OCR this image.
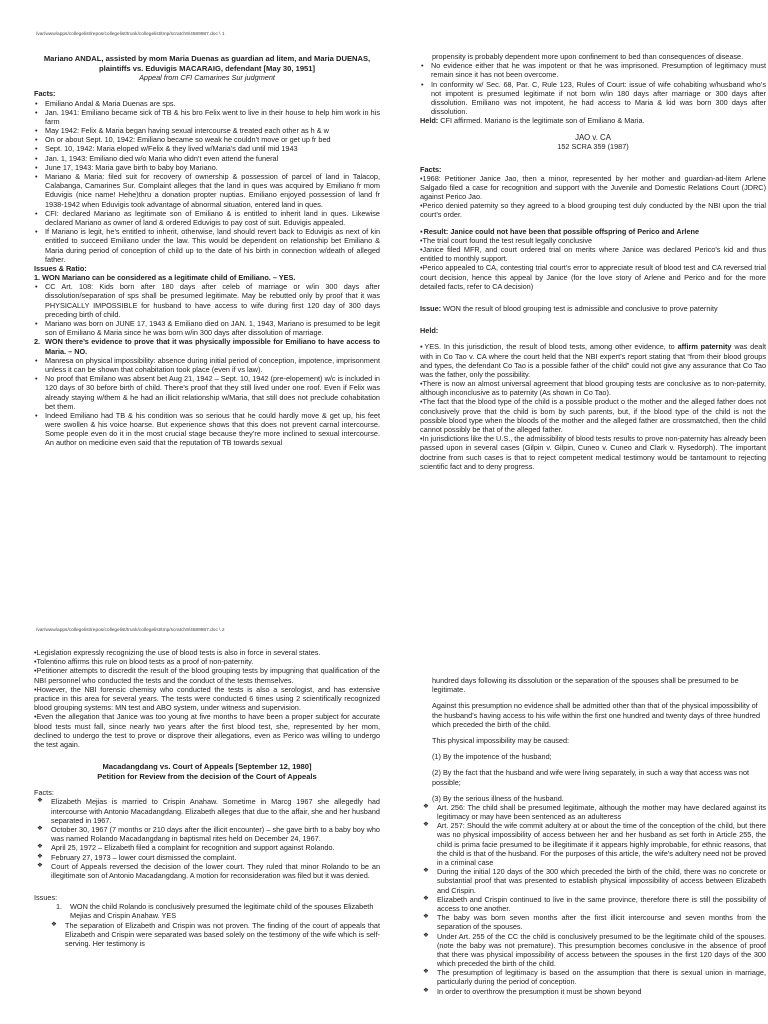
/var/www/apps/collegelist/repos/collegelist/trunk/collegelist/tmp/scratch9/4589987.doc \ 1
Mariano ANDAL, assisted by mom Maria Duenas as guardian ad litem, and Maria DUENAS, plaintiffs vs. Eduvigis MACARAIG, defendant [May 30, 1951]
Appeal from CFI Camarines Sur judgment
Facts:
• Emiliano Andal & Maria Duenas are sps.
• Jan. 1941: Emiliano became sick of TB & his bro Felix went to live in their house to help him work in his farm
• May 1942: Felix & Maria began having sexual intercourse & treated each other as h & w
• On or about Sept. 10, 1942: Emiliano became so weak he couldn’t move or get up fr bed
• Sept. 10, 1942: Maria eloped w/Felix & they lived w/Maria’s dad until mid 1943
• Jan. 1, 1943: Emiliano died w/o Maria who didn’t even attend the funeral
• June 17, 1943: Maria gave birth to baby boy Mariano.
• Mariano & Maria: filed suit for recovery of ownership & possession of parcel of land in Talacop, Calabanga, Camarines Sur. Complaint alleges that the land in ques was acquired by Emiliano fr mom Eduvigis (nice name! Hehe)thru a donation propter nuptias. Emiliano enjoyed possession of land fr 1938-1942 when Eduvigis took advantage of abnormal situation, entered land in ques.
• CFI: declared Mariano as legitimate son of Emiliano & is entitled to inherit land in ques. Likewise declared Mariano as owner of land & ordered Eduvigis to pay cost of suit. Eduvigis appealed.
• If Mariano is legit, he’s entitled to inherit, otherwise, land should revert back to Eduvigis as next of kin entitled to succeed Emiliano under the law. This would be dependent on relationship bet Emiliano & Maria during period of conception of child up to the date of his birth in connection w/death of alleged father.
Issues & Ratio:
1. WON Mariano can be considered as a legitimate child of Emiliano. – YES.
• CC Art. 108: Kids born after 180 days after celeb of marriage or w/in 300 days after dissolution/separation of sps shall be presumed legitimate. May be rebutted only by proof that it was PHYSICALLY IMPOSSIBLE for husband to have access to wife during first 120 day of 300 days preceding birth of child.
• Mariano was born on JUNE 17, 1943 & Emiliano died on JAN. 1, 1943, Mariano is presumed to be legit son of Emiliano & Maria since he was born w/in 300 days after dissolution of marriage.
2. WON there’s evidence to prove that it was physically impossible for Emiliano to have access to Maria. – NO.
• Manresa on physical impossibility: absence during initial period of conception, impotence, imprisonment unless it can be shown that cohabitation took place (even if vs law).
• No proof that Emilano was absent bet Aug 21, 1942 – Sept. 10, 1942 (pre-elopement) w/c is included in 120 days of 30 before birth of child. There’s proof that they still lived under one roof. Even if Felix was already staying w/them & he had an illicit relationship w/Maria, that still does not preclude cohabitation bet them.
• Indeed Emiliano had TB & his condition was so serious that he could hardly move & get up, his feet were swollen & his voice hoarse. But experience shows that this does not prevent carnal intercourse. Some people even do it in the most crucial stage because they’re more inclined to sexual intercourse. An author on medicine even said that the reputation of TB towards sexual

propensity is probably dependent more upon confinement to bed than consequences of disease.

• No evidence either that he was impotent or that he was imprisoned. Presumption of legitimacy must remain since it has not been overcome.
• In conformity w/ Sec. 68, Par. C, Rule 123, Rules of Court: issue of wife cohabiting w/husband who’s not impotent is presumed legitimate if not born w/in 180 days after marriage or 300 days after dissolution. Emiliano was not impotent, he had access to Maria & kid was born 300 days after dissolution.

Held: CFI affirmed. Mariano is the legitimate son of Emiliano & Maria.

JAO v. CA
152 SCRA 359 (1987)
Facts:

•1968: Petitioner Janice Jao, then a minor, represented by her mother and guardian-ad-litem Arlene Salgado filed a case for recognition and support with the Juvenile and Domestic Relations Court (JDRC) against Perico Jao.

•Perico denied paternity so they agreed to a blood grouping test duly conducted by the NBI upon the trial court’s order.

▪ Result: Janice could not have been that possible offspring of Perico and Arlene

•The trial court found the test result legally conclusive

•Janice filed MFR, and court ordered trial on merits where Janice was declared Perico’s kid and thus entitled to monthly support.

•Perico appealed to CA, contesting trial court’s error to appreciate result of blood test and CA reversed trial court decision, hence this appeal by Janice (for the love story of Arlene and Perico and for the more detailed facts, refer to CA decision)

Issue: WON the result of blood grouping test is admissible and conclusive to prove paternity

Held:

▪ YES. In this jurisdiction, the result of blood tests, among other evidence, to affirm paternity was dealt with in Co Tao v. CA where the court held that the NBI expert’s report stating that “from their blood groups and types, the defendant Co Tao is a possible father of the child” could not give any assurance that Co Tao was the father, only the possibility.

•There is now an almost universal agreement that blood grouping tests are conclusive as to non-paternity, although inconclusive as to paternity (As shown in Co Tao).

•The fact that the blood type of the child is a possible product o the mother and the alleged father does not conclusively prove that the child is born by such parents, but, if the blood type of the child is not the possible blood type when the bloods of the mother and the alleged father are crossmatched, then the child cannot possibly be that of the alleged father.

•In jurisdictions like the U.S., the admissibility of blood tests results to prove non-paternity has already been passed upon in several cases (Gilpin v. Gilpin, Cuneo v. Cuneo and Clark v. Rysedorph). The important doctrine from such cases is that to reject competent medical testimony would be tantamount to rejecting scientific fact and to deny progress.

/var/www/apps/collegelist/repos/collegelist/trunk/collegelist/tmp/scratch9/4589987.doc \ 2

•Legislation expressly recognizing the use of blood tests is also in force in several states.

•Tolentino affirms this rule on blood tests as a proof of non-paternity.

•Petitioner attempts to discredit the result of the blood grouping tests by impugning that qualification of the NBI personnel who conducted the tests and the conduct of the tests themselves.

•However, the NBI forensic chemisy who conducted the tests is also a serologist, and has extensive practice in this area for several years. The tests were conducted 6 times using 2 scientifically recognized blood grouping systems: MN test and ABO system, under witness and supervision.

•Even the allegation that Janice was too young at five months to have been a proper subject for accurate blood tests must fall, since nearly two years after the first blood test, she, represented by her mom, declined to undergo the test to prove or disprove their allegations, even as Perico was willing to undergo the test again.

Macadangdang vs. Court of Appeals [September 12, 1980]
Petition for Review from the decision of the Court of Appeals
Facts:
❖ Elizabeth Mejias is married to Crispin Anahaw. Sometime in Marcg 1967 she allegedly had intercourse with Antonio Macadangdang. Elizabeth alleges that due to the affair, she and her husband separated in 1967.
❖ October 30, 1967 (7 months or 210 days after the illicit encounter) – she gave birth to a baby boy who was named Rolando Macadangdang in baptismal rites held on December 24, 1967.
❖ April 25, 1972 – Elizabeth filed a complaint for recognition and support against Rolando.
❖ February 27, 1973 – lower court dismissed the complaint.
❖ Court of Appeals reversed the decision of the lower court. They ruled that minor Rolando to be an illegitimate son of Antonio Macadangdang. A motion for reconsideration was filed but it was denied.
Issues:
1. WON the child Rolando is conclusively presumed the legitimate child of the spouses Elizabeth Mejias and Crispin Anahaw. YES
❖ The separation of Elizabeth and Crispin was not proven. The finding of the court of appeals that Elizabeth and Crispin were separated was based solely on the testimony of the wife which is self-serving. Her testimony is

hundred days following its dissolution or the separation of the spouses shall be presumed to be legitimate.

Against this presumption no evidence shall be admitted other than that of the physical impossibility of the husband’s having access to his wife within the first one hundred and twenty days of three hundred which preceded the birth of the child.

This physical impossibility may be caused:

(1) By the impotence of the husband;

(2) By the fact that the husband and wife were living separately, in such a way that access was not possible;

(3) By the serious illness of the husband.

❖ Art. 256: The child shall be presumed legitimate, although the mother may have declared against its legitimacy or may have been sentenced as an adulteress
❖ Art. 257: Should the wife commit adultery at or about the time of the conception of the child, but there was no physical impossibility of access between her and her husband as set forth in Article 255, the child is prima facie presumed to be illegitimate if it appears highly improbable, for ethnic reasons, that the child is that of the husband. For the purposes of this article, the wife’s adultery need not be proved in a criminal case
❖ During the initial 120 days of the 300 which preceded the birth of the child, there was no concrete or substantial proof that was presented to establish physical impossibility of access between Elizabeth and Crispin.
❖ Elizabeth and Crispin continued to live in the same province, therefore there is still the possibility of access to one another.
❖ The baby was born seven months after the first illicit intercourse and seven months from the separation of the spouses.
❖ Under Art. 255 of the CC the child is conclusively presumed to be the legitimate child of the spouses. (note the baby was not premature). This presumption becomes conclusive in the absence of proof that there was physical impossibility of access between the spouses in the first 120 days of the 300 which preceded the birth of the child.
❖ The presumption of legitimacy is based on the assumption that there is sexual union in marriage, particularly during the period of conception.
❖ In order to overthrow the presumption it must be shown beyond
